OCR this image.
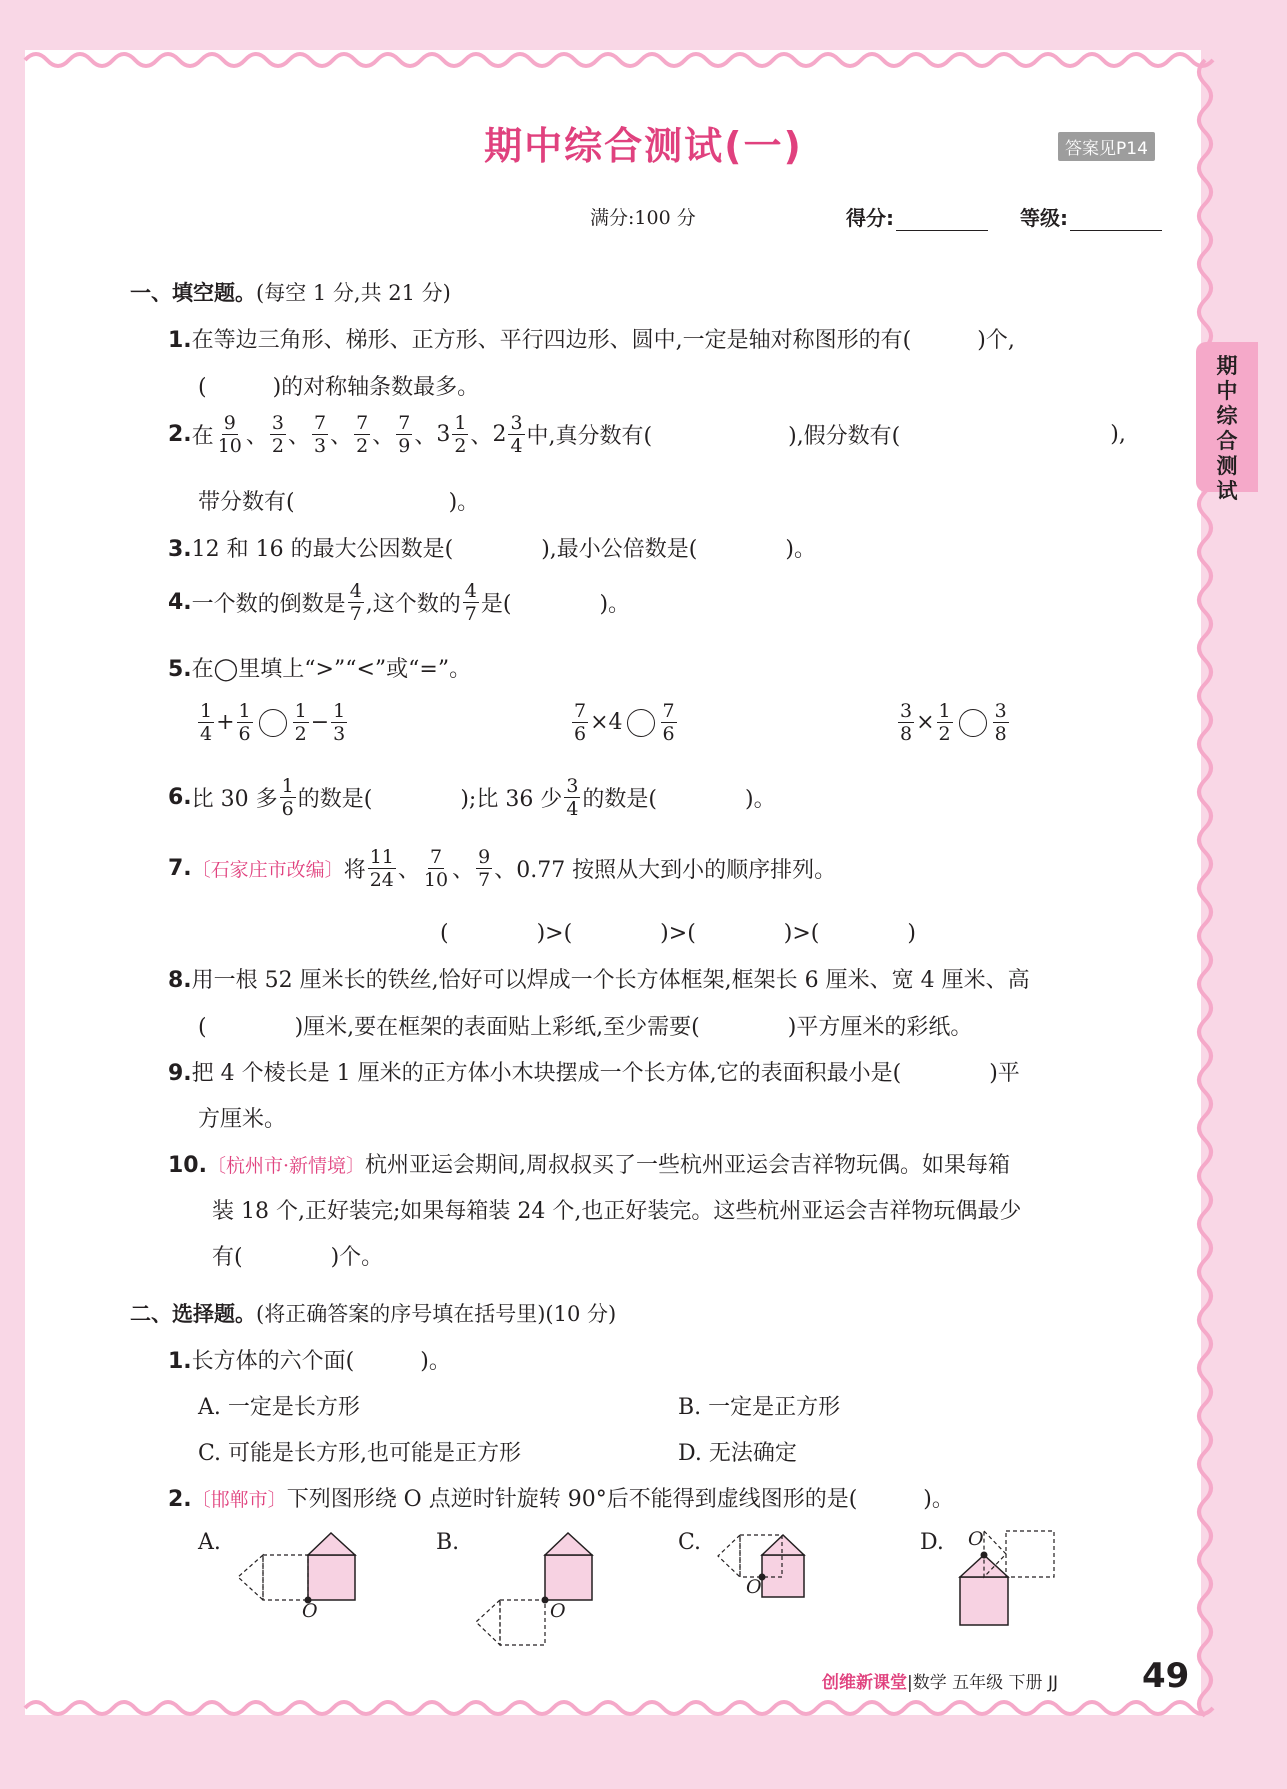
期中综合测试(一)	答案见P14
满分:100 分	得分:	等级:
期中综合测试
一、填空题。(每空 1 分,共 21 分)
1.在等边三角形、梯形、正方形、平行四边形、圆中,一定是轴对称图形的有(　　　)个,
(　　　)的对称轴条数最多。
2. 在 $\frac{9}{10}$ 、 $\frac{3}{2}$ 、 $\frac{7}{3}$ 、 $\frac{7}{2}$ 、 $\frac{7}{9}$ 、 $3 \frac{1}{2}$ 、 $2 \frac{3}{4}$ 中,真分数有(	),假分数有(	),
带分数有(　　　　　　　)。
3.12 和 16 的最大公因数是(　　　　),最小公倍数是(　　　　)。
4. 一个数的倒数是 $\frac{4}{7}$ ,这个数的 $\frac{4}{7}$ 是(　　　　)。
5.在◯里填上“>”“<”或“=”。
$\frac{1}{4} + \frac{1}{6} \frac{1}{2} - \frac{1}{3}$	$\frac{7}{6} \times 4 \frac{7}{6}$	$\frac{3}{8} \times \frac{1}{2} \frac{3}{8}$
6. 比 30 多 $\frac{1}{6}$ 的数是(　　　　);比 36 少 $\frac{3}{4}$ 的数是(　　　　)。
7. 〔石家庄市改编〕 将 $\frac{11}{24}$ 、 $\frac{7}{10}$ 、 $\frac{9}{7}$ 、0.77 按照从大到小的顺序排列。
(　　　　)>(　　　　)>(　　　　)>(　　　　)
8.用一根 52 厘米长的铁丝,恰好可以焊成一个长方体框架,框架长 6 厘米、宽 4 厘米、高
(　　　　)厘米,要在框架的表面贴上彩纸,至少需要(　　　　)平方厘米的彩纸。
9.把 4 个棱长是 1 厘米的正方体小木块摆成一个长方体,它的表面积最小是(　　　　)平
方厘米。
10.〔杭州市·新情境〕杭州亚运会期间,周叔叔买了一些杭州亚运会吉祥物玩偶。如果每箱
装 18 个,正好装完;如果每箱装 24 个,也正好装完。这些杭州亚运会吉祥物玩偶最少
有(　　　　)个。
二、选择题。(将正确答案的序号填在括号里)(10 分)
1.长方体的六个面(　　　)。
A. 一定是长方形	B. 一定是正方形
C. 可能是长方形,也可能是正方形	D. 无法确定
2.〔邯郸市〕下列图形绕 O 点逆时针旋转 90°后不能得到虚线图形的是(　　　)。
A.	B.	C.	D.
O	O
O
O
创维新课堂|数学 五年级 下册 JJ 49
